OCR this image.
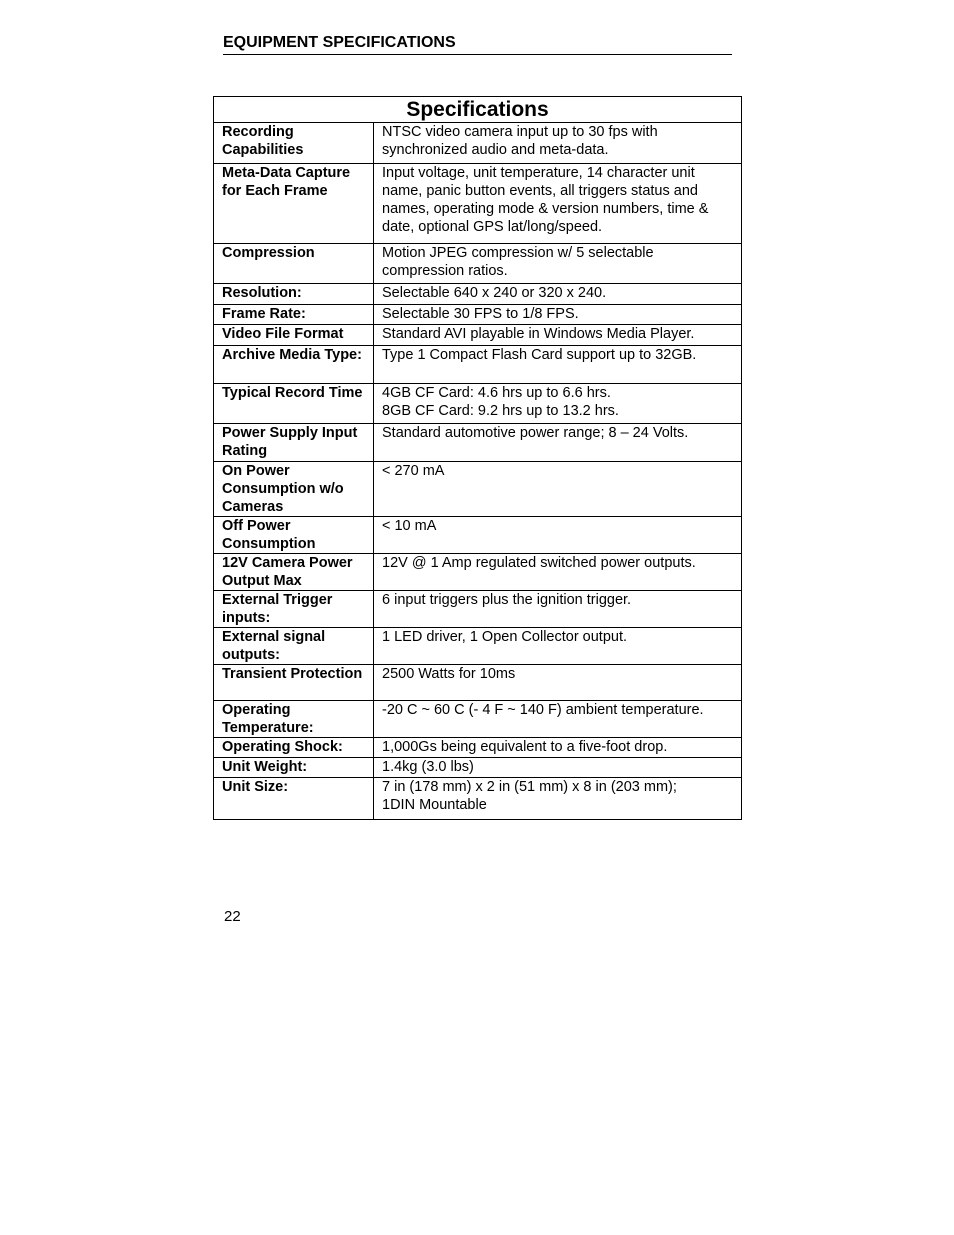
EQUIPMENT SPECIFICATIONS
Specifications	
Recording Capabilities	NTSC video camera input up to 30 fps with synchronized audio and meta-data.
Meta-Data Capture for Each Frame	Input voltage, unit temperature, 14 character unit name, panic button events, all triggers status and names, operating mode & version numbers, time & date, optional GPS lat/long/speed.
Compression	Motion JPEG compression w/ 5 selectable compression ratios.
Resolution:	Selectable 640 x 240 or 320 x 240.
Frame Rate:	Selectable 30 FPS to 1/8 FPS.
Video File Format	Standard AVI playable in Windows Media Player.
Archive Media Type:	Type 1 Compact Flash Card support up to 32GB.
Typical Record Time	4GB CF Card: 4.6 hrs up to 6.6 hrs.
8GB CF Card: 9.2 hrs up to 13.2 hrs.
Power Supply Input Rating	Standard automotive power range; 8 – 24 Volts.
On Power Consumption w/o Cameras	< 270 mA
Off Power Consumption	< 10 mA
12V Camera Power Output Max	12V @ 1 Amp regulated switched power outputs.
External Trigger inputs:	6 input triggers plus the ignition trigger.
External signal outputs:	1 LED driver, 1 Open Collector output.
Transient Protection	2500 Watts for 10ms
Operating Temperature:	-20 C ~ 60 C (- 4 F ~ 140 F) ambient temperature.
Operating Shock:	1,000Gs being equivalent to a five-foot drop.
Unit Weight:	1.4kg (3.0 lbs)
Unit Size:	7 in (178 mm) x 2 in (51 mm) x 8 in (203 mm);
1DIN Mountable
22
